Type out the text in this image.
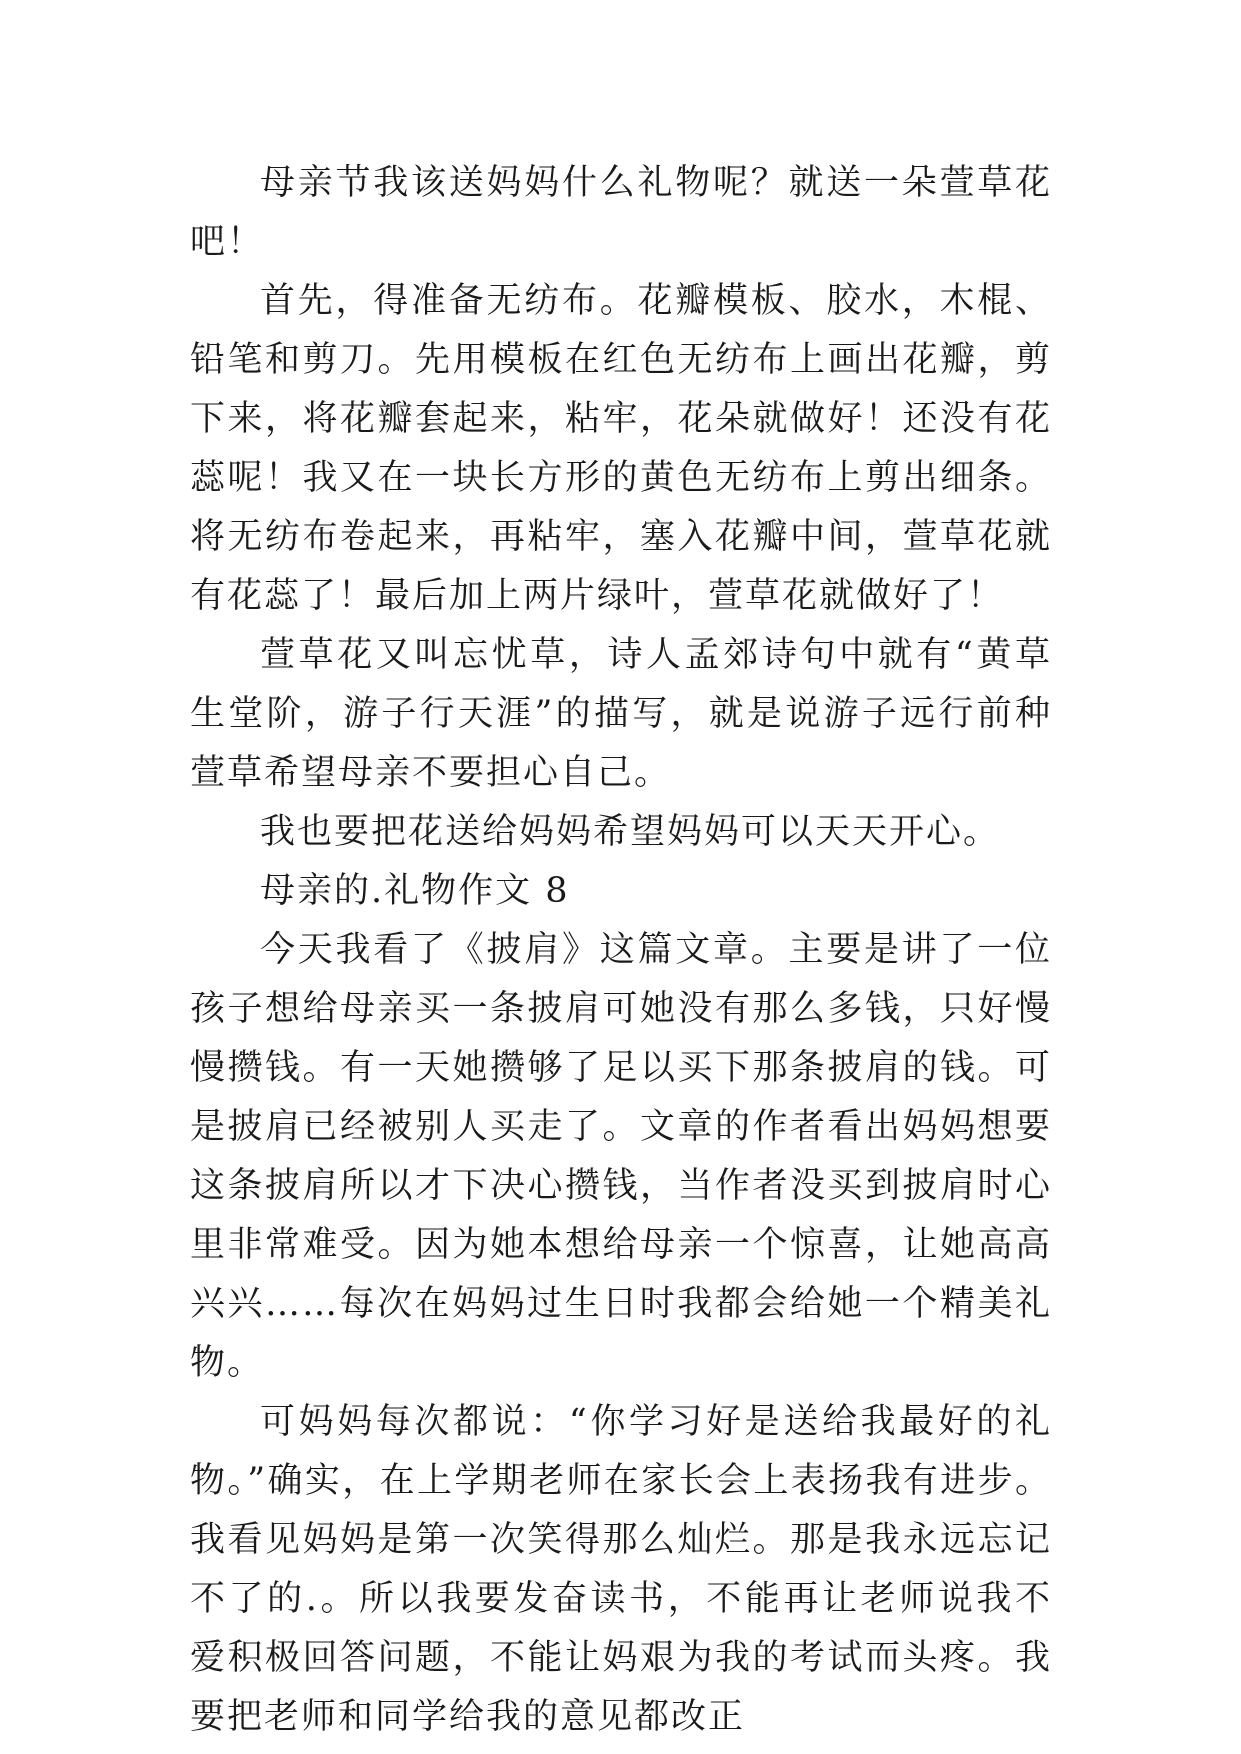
母亲节我该送妈妈什么礼物呢？就送一朵萱草花吧！

首先，得准备无纺布。花瓣模板、胶水，木棍、铅笔和剪刀。先用模板在红色无纺布上画出花瓣，剪下来，将花瓣套起来，粘牢，花朵就做好！还没有花蕊呢！我又在一块长方形的黄色无纺布上剪出细条。将无纺布卷起来，再粘牢，塞入花瓣中间，萱草花就有花蕊了！最后加上两片绿叶，萱草花就做好了！

萱草花又叫忘忧草，诗人孟郊诗句中就有“黄草生堂阶，游子行天涯”的描写，就是说游子远行前种萱草希望母亲不要担心自己。

我也要把花送给妈妈希望妈妈可以天天开心。

母亲的.礼物作文 8

今天我看了《披肩》这篇文章。主要是讲了一位孩子想给母亲买一条披肩可她没有那么多钱，只好慢慢攒钱。有一天她攒够了足以买下那条披肩的钱。可是披肩已经被别人买走了。文章的作者看出妈妈想要这条披肩所以才下决心攒钱，当作者没买到披肩时心里非常难受。因为她本想给母亲一个惊喜，让她高高兴兴……每次在妈妈过生日时我都会给她一个精美礼物。

可妈妈每次都说：“你学习好是送给我最好的礼物。”确实，在上学期老师在家长会上表扬我有进步。我看见妈妈是第一次笑得那么灿烂。那是我永远忘记不了的.。所以我要发奋读书，不能再让老师说我不爱积极回答问题，不能让妈艰为我的考试而头疼。我要把老师和同学给我的意见都改正
